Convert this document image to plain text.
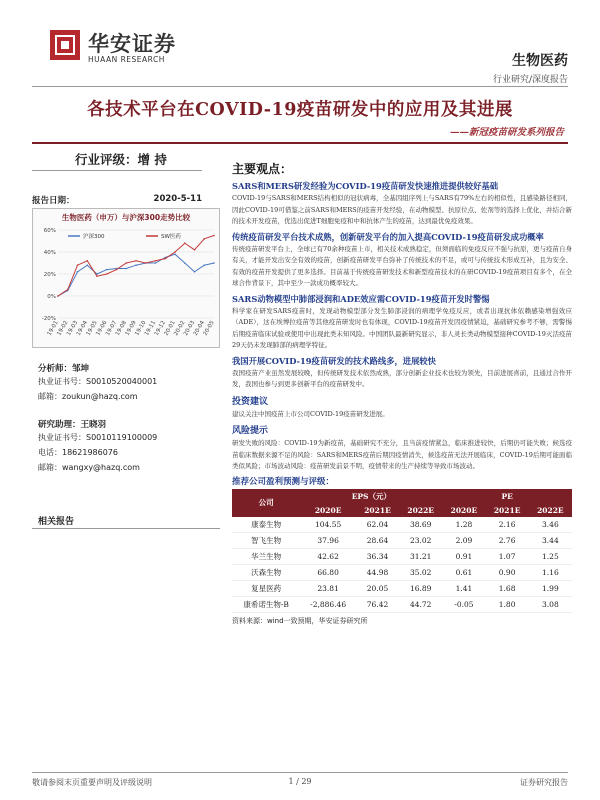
华安证券
HUAAN RESEARCH	生物医药
行业研究/深度报告
各技术平台在COVID-19疫苗研发中的应用及其进展
——新冠疫苗研发系列报告
行业评级：增 持
报告日期：	2020-5-11
生物医药（申万）与沪深300走势比较
60%
40%
20%
0%
-20%
19-01
19-02
19-03
19-04
19-05
19-06
19-07
19-08
19-09
19-10
19-11
19-12
20-01
20-02
20-03
20-04
20-05
沪深300	SW医药
分析师：邹坤
执业证书号：S0010520040001
邮箱：zoukun@hazq.com
研究助理：王晓羽
执业证书号：S0010119100009
电话：18621986076
邮箱：wangxy@hazq.com
相关报告
主要观点：
SARS和MERS研发经验为COVID-19疫苗研发快速推进提供较好基础
COVID-19与SARS和MERS结构相似的冠状病毒，全基因组序列上与SARS有79%左右的相似性，且感染路径相同，因此COVID-19可借鉴之前SARS和MERS的疫苗开发经验，在动物模型、抗原位点、佐剂等的选择上优化，并结合新的技术开发疫苗，优选出促进T细胞免疫和中和抗体产生的疫苗，达到最优免疫效果。
传统疫苗研发平台技术成熟，创新研发平台的加入提高COVID-19疫苗研发成功概率
传统疫苗研发平台上，全球已有70余种疫苗上市，相关技术成熟稳定，但须面临的免疫反应不强与抗原，更与疫苗自身有关，才能开发出安全有效的疫苗，创新疫苗研发平台弥补了传统技术的不足，或可与传统技术形成互补，且为安全、有效的疫苗开发提供了更多选择。目前基于传统疫苗研发技术和新型疫苗技术的在研COVID-19疫苗项目有多个，在全球合作背景下，其中至少一款成功概率较大。
SARS动物模型中肺部浸润和ADE效应需COVID-19疫苗开发时警惕
科学家在研发SARS疫苗时，发现动物模型部分发生肺部浸润的病理学免疫反应，或者出现抗体依赖感染增强效应（ADE），这在埃博拉疫苗等其他疫苗研发时也有体现，COVID-19疫苗开发因疫情紧迫，基础研究参考不够，需警惕后期疫苗临床试验或使用中出现此类未知风险。中国团队最新研究显示，非人灵长类动物模型接种COVID-19灭活疫苗29天仍未发现肺部的病理学特征。
我国开展COVID-19疫苗研发的技术路线多，进展较快
我国疫苗产业虽然发展较晚，但传统研发技术依然成熟，部分创新企业技术也较为领先，目前进展喜前，且通过合作开发，我国也参与到更多创新平台的疫苗研发中。
投资建议
建议关注中国疫苗上市公司COVID-19疫苗研发进展。
风险提示
研发失败的风险：COVID-19为新疫苗，基础研究不充分，且当前疫情紧急，临床推进较快，后期仍可能失败；候选疫苗临床数据来源不足的风险：SARS和MERS疫苗后期因疫情消失，候选疫苗无法开展临床，COVID-19后期可能面临类似风险；市场波动风险：疫苗研发前景不明，疫情带来的生产持续等导致市场波动。
推荐公司盈利预测与评级：
公司	EPS（元）			PE		
	2020E	2021E	2022E	2020E	2021E	2022E
康泰生物	104.55	62.04	38.69	1.28	2.16	3.46
智飞生物	37.96	28.64	23.02	2.09	2.76	3.44
华兰生物	42.62	36.34	31.21	0.91	1.07	1.25
沃森生物	66.80	44.98	35.02	0.61	0.90	1.16
复星医药	23.81	20.05	16.89	1.41	1.68	1.99
康希诺生物-B	-2,886.46	76.42	44.72	-0.05	1.80	3.08
资料来源：wind一致预期，华安证券研究所
敬请参阅末页重要声明及评级说明	1 / 29	证券研究报告
